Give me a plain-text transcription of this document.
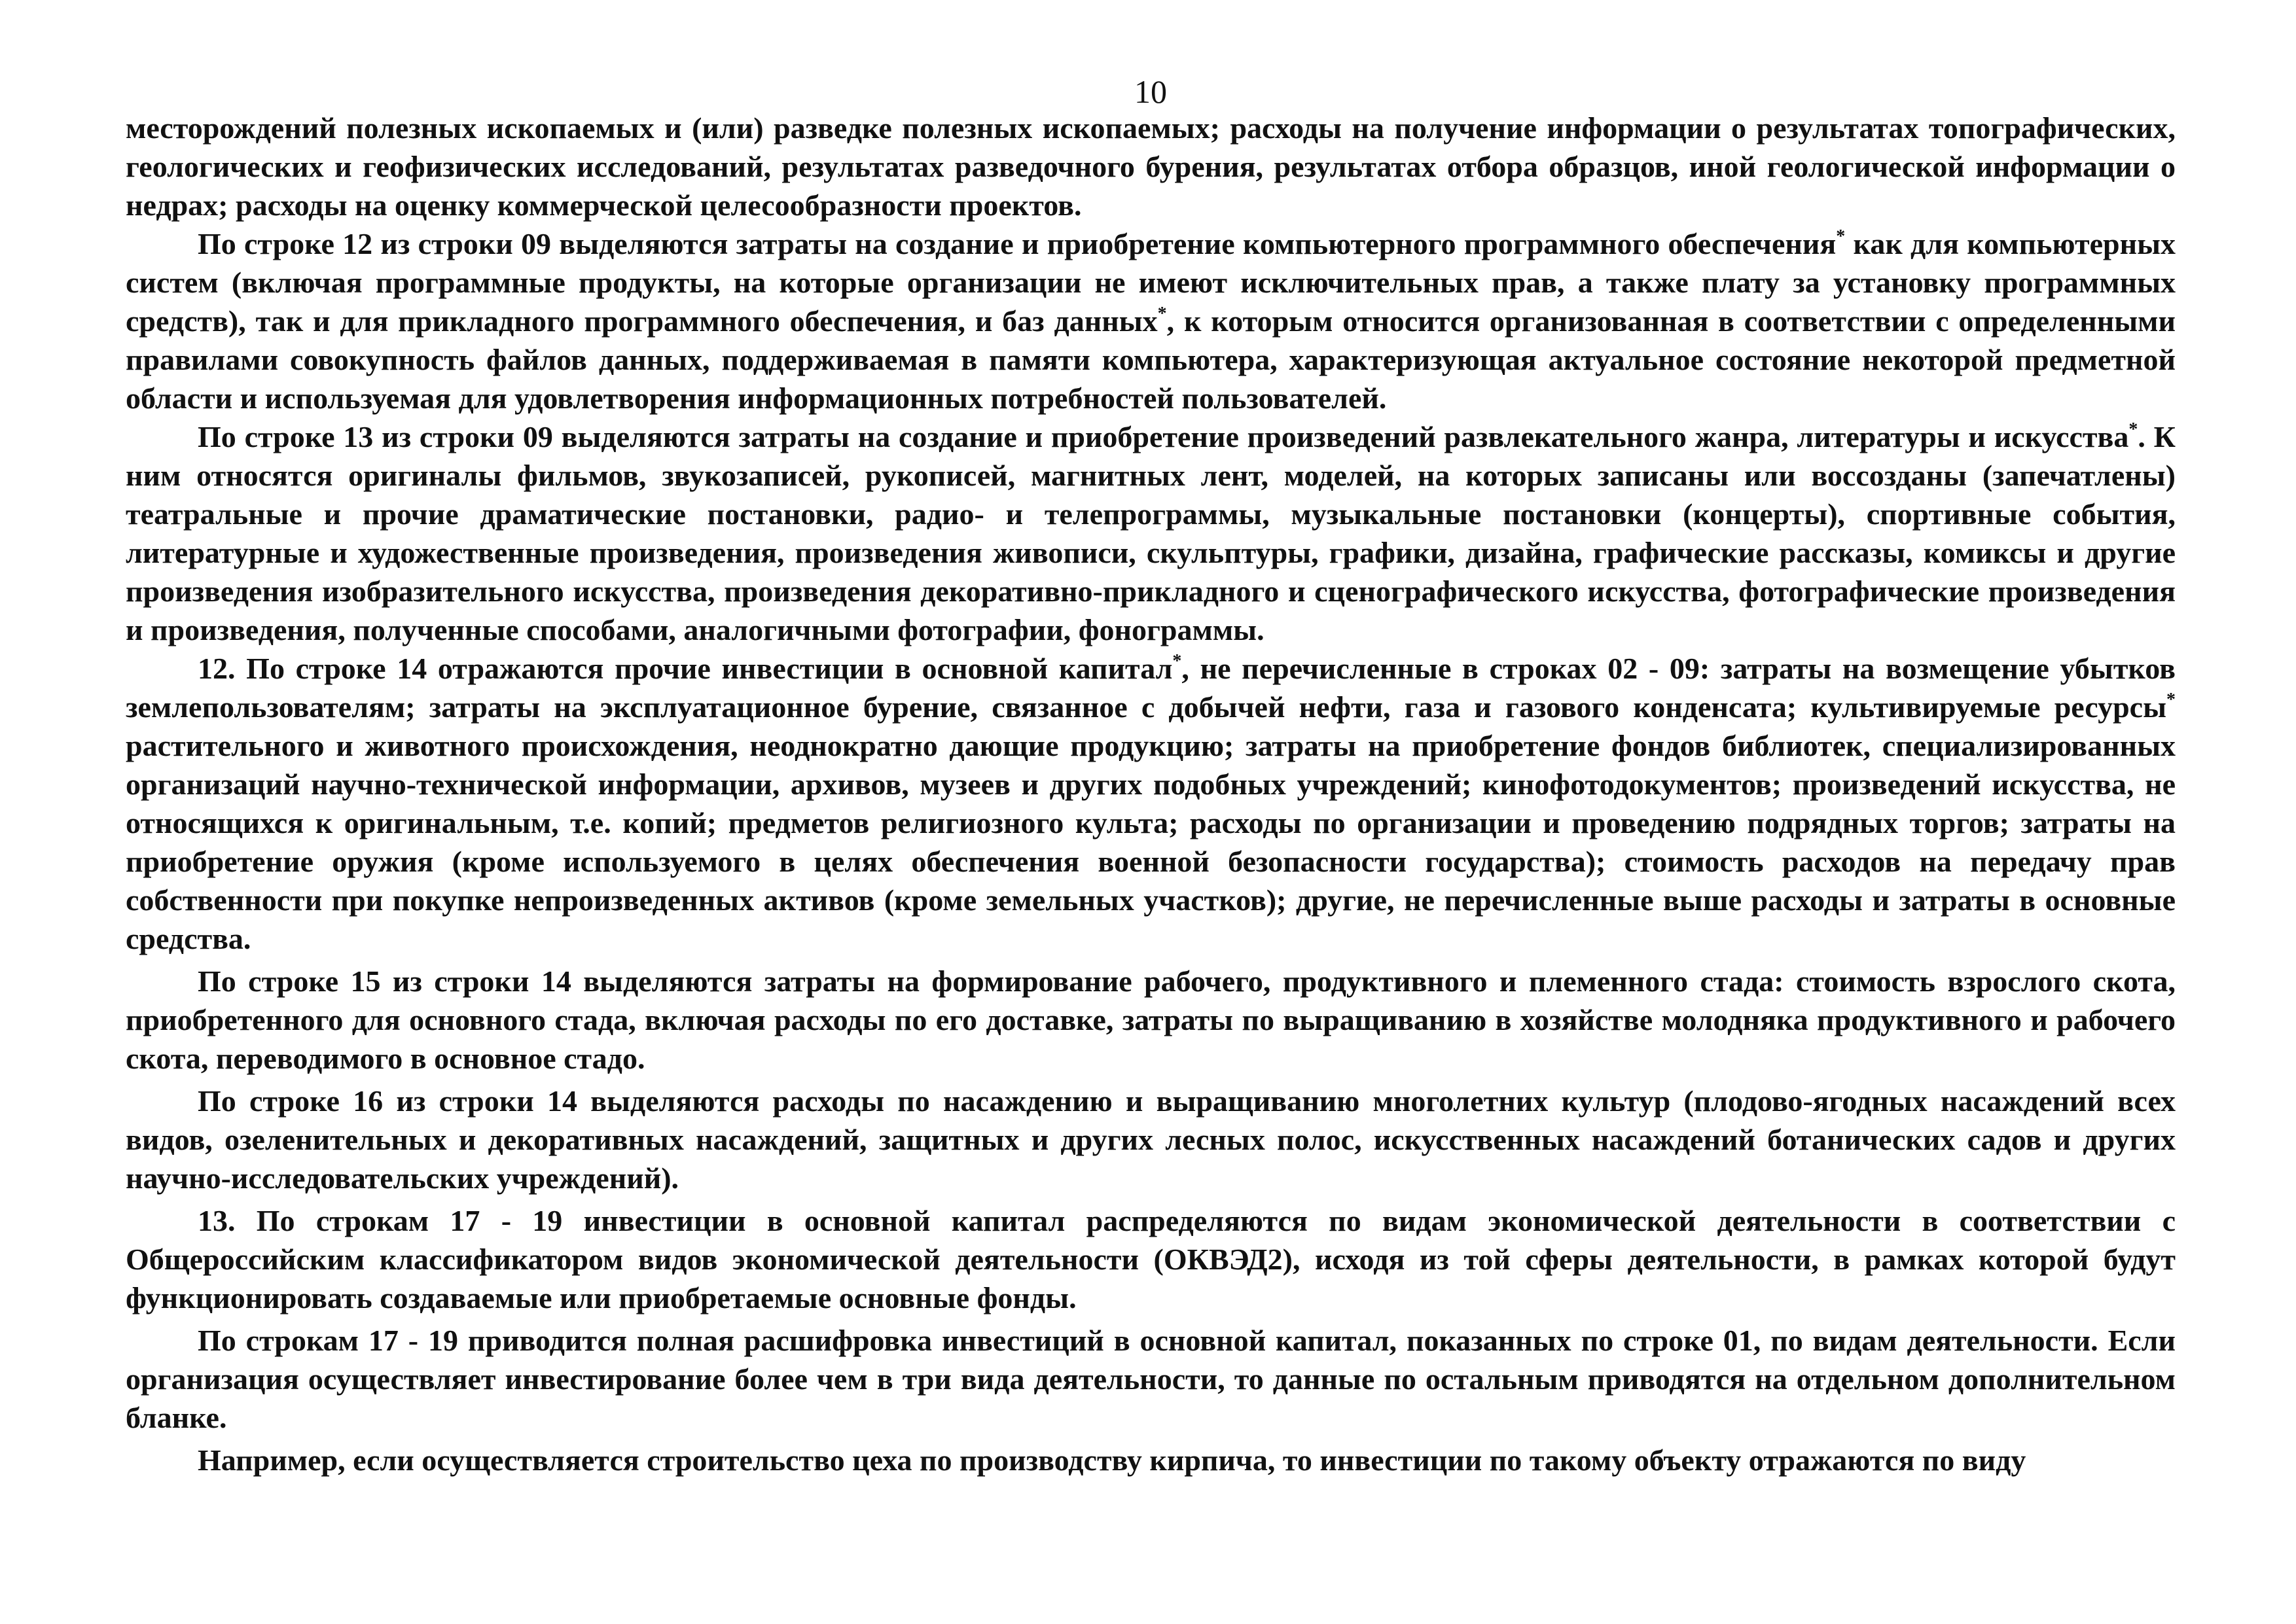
10

месторождений полезных ископаемых и (или) разведке полезных ископаемых; расходы на получение информации о результатах топографических, геологических и геофизических исследований, результатах разведочного бурения, результатах отбора образцов, иной геологической информации о недрах; расходы на оценку коммерческой целесообразности проектов.

По строке 12 из строки 09 выделяются затраты на создание и приобретение компьютерного программного обеспечения* как для компьютерных систем (включая программные продукты, на которые организации не имеют исключительных прав, а также плату за установку программных средств), так и для прикладного программного обеспечения, и баз данных*, к которым относится организованная в соответствии с определенными правилами совокупность файлов данных, поддерживаемая в памяти компьютера, характеризующая актуальное состояние некоторой предметной области и используемая для удовлетворения информационных потребностей пользователей.

По строке 13 из строки 09 выделяются затраты на создание и приобретение произведений развлекательного жанра, литературы и искусства*. К ним относятся оригиналы фильмов, звукозаписей, рукописей, магнитных лент, моделей, на которых записаны или воссозданы (запечатлены) театральные и прочие драматические постановки, радио- и телепрограммы, музыкальные постановки (концерты), спортивные события, литературные и художественные произведения, произведения живописи, скульптуры, графики, дизайна, графические рассказы, комиксы и другие произведения изобразительного искусства, произведения декоративно-прикладного и сценографического искусства, фотографические произведения и произведения, полученные способами, аналогичными фотографии, фонограммы.

12. По строке 14 отражаются прочие инвестиции в основной капитал*, не перечисленные в строках 02 - 09: затраты на возмещение убытков землепользователям; затраты на эксплуатационное бурение, связанное с добычей нефти, газа и газового конденсата; культивируемые ресурсы* растительного и животного происхождения, неоднократно дающие продукцию; затраты на приобретение фондов библиотек, специализированных организаций научно-технической информации, архивов, музеев и других подобных учреждений; кинофотодокументов; произведений искусства, не относящихся к оригинальным, т.е. копий; предметов религиозного культа; расходы по организации и проведению подрядных торгов; затраты на приобретение оружия (кроме используемого в целях обеспечения военной безопасности государства); стоимость расходов на передачу прав собственности при покупке непроизведенных активов (кроме земельных участков); другие, не перечисленные выше расходы и затраты в основные средства.

По строке 15 из строки 14 выделяются затраты на формирование рабочего, продуктивного и племенного стада: стоимость взрослого скота, приобретенного для основного стада, включая расходы по его доставке, затраты по выращиванию в хозяйстве молодняка продуктивного и рабочего скота, переводимого в основное стадо.

По строке 16 из строки 14 выделяются расходы по насаждению и выращиванию многолетних культур (плодово-ягодных насаждений всех видов, озеленительных и декоративных насаждений, защитных и других лесных полос, искусственных насаждений ботанических садов и других научно-исследовательских учреждений).

13. По строкам 17 - 19 инвестиции в основной капитал распределяются по видам экономической деятельности в соответствии с Общероссийским классификатором видов экономической деятельности (ОКВЭД2), исходя из той сферы деятельности, в рамках которой будут функционировать создаваемые или приобретаемые основные фонды.

По строкам 17 - 19 приводится полная расшифровка инвестиций в основной капитал, показанных по строке 01, по видам деятельности. Если организация осуществляет инвестирование более чем в три вида деятельности, то данные по остальным приводятся на отдельном дополнительном бланке.

Например, если осуществляется строительство цеха по производству кирпича, то инвестиции по такому объекту отражаются по виду
